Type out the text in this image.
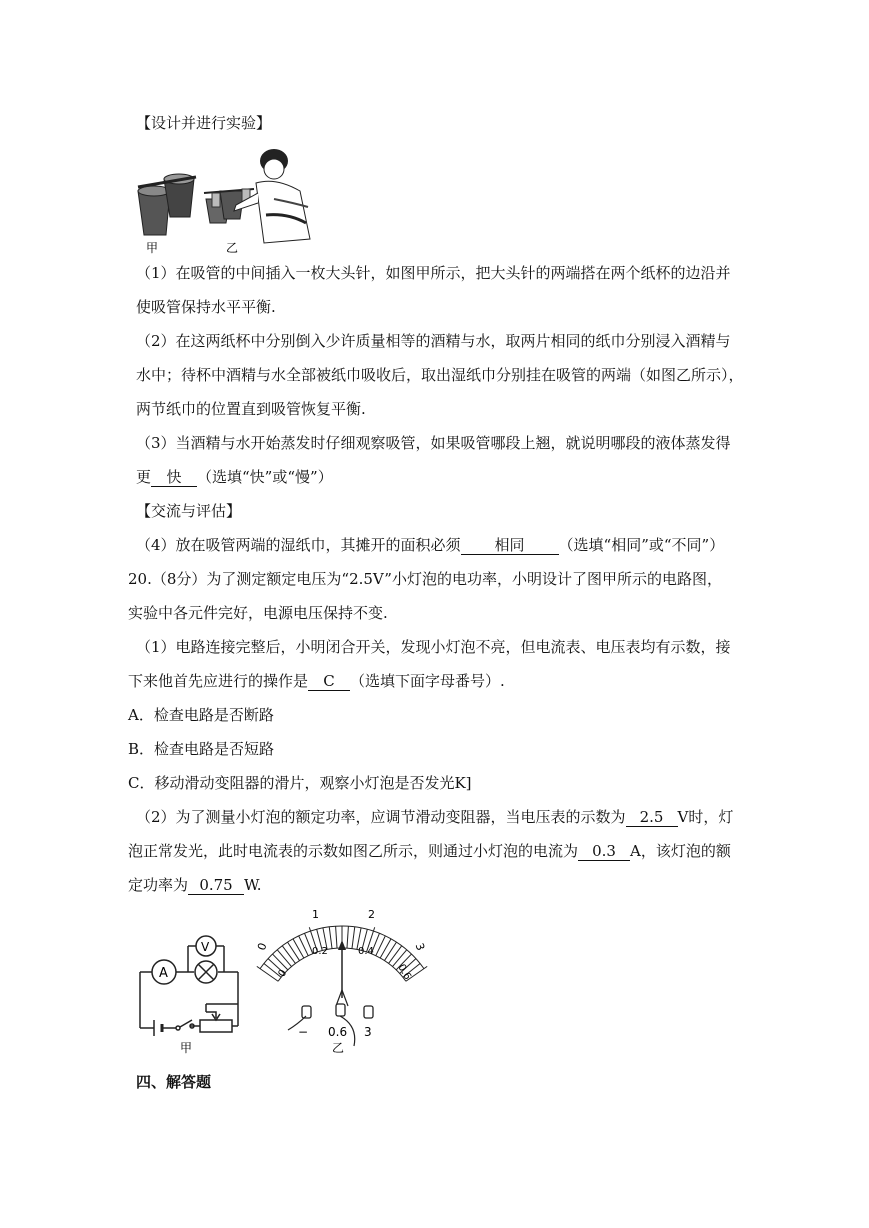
【设计并进行实验】
甲	乙
（1）在吸管的中间插入一枚大头针，如图甲所示，把大头针的两端搭在两个纸杯的边沿并
使吸管保持水平平衡.
（2）在这两纸杯中分别倒入少许质量相等的酒精与水，取两片相同的纸巾分别浸入酒精与
水中；待杯中酒精与水全部被纸巾吸收后，取出湿纸巾分别挂在吸管的两端（如图乙所示），
两节纸巾的位置直到吸管恢复平衡.
（3）当酒精与水开始蒸发时仔细观察吸管，如果吸管哪段上翘，就说明哪段的液体蒸发得
更 快 （选填“快”或“慢”）
【交流与评估】
（4）放在吸管两端的湿纸巾，其摊开的面积必须 相同 （选填“相同”或“不同”）
20.（8分）为了测定额定电压为“2.5V”小灯泡的电功率，小明设计了图甲所示的电路图，
实验中各元件完好，电源电压保持不变.
（1）电路连接完整后，小明闭合开关，发现小灯泡不亮，但电流表、电压表均有示数，接
下来他首先应进行的操作是 C （选填下面字母番号）.
A．检查电路是否断路
B．检查电路是否短路
C．移动滑动变阻器的滑片，观察小灯泡是否发光K]
（2）为了测量小灯泡的额定功率，应调节滑动变阻器，当电压表的示数为 2.5 V时，灯
泡正常发光，此时电流表的示数如图乙所示，则通过小灯泡的电流为 0.3 A，该灯泡的额
定功率为 0.75 W.
A
V
甲
0
1	2
3
0
0.2	0.4
0.6
− 0.6 3
乙
四、解答题
